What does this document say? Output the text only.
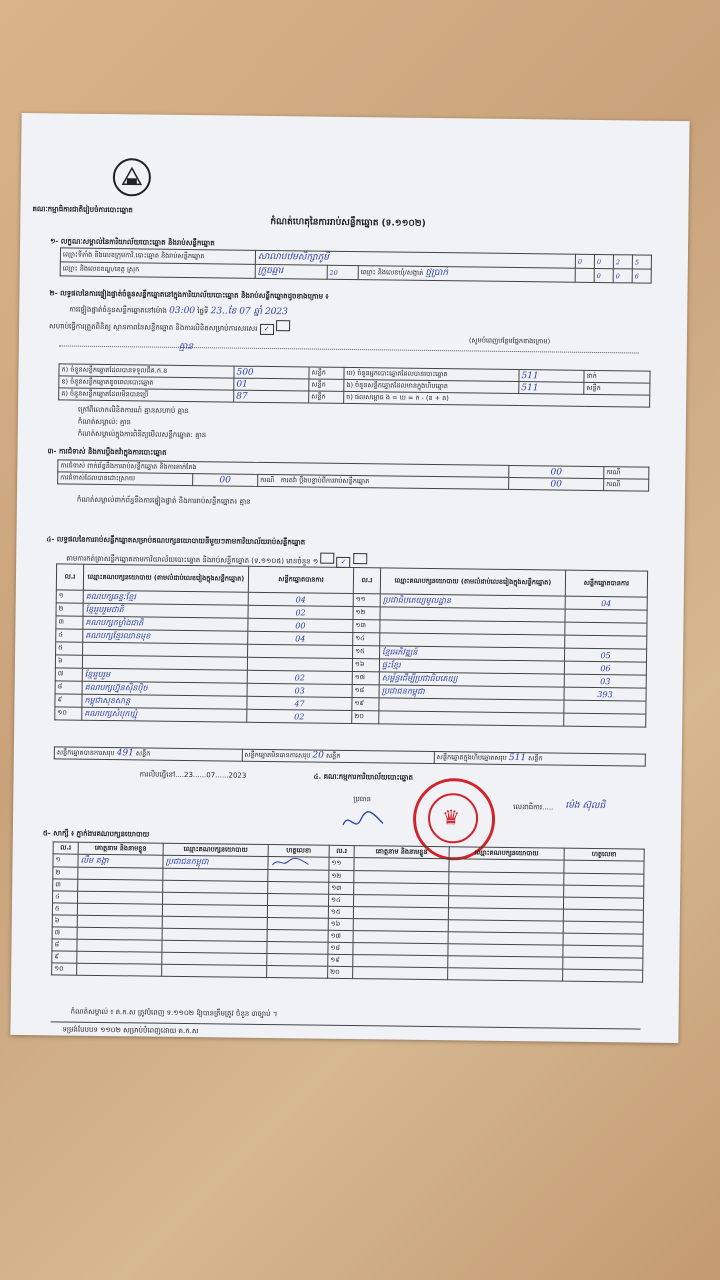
គណៈកម្មាធិការជាតិរៀបចំការបោះឆ្នោត
កំណត់ហេតុនៃការរាប់សន្លឹកឆ្នោត (ទ.១១០២)
១- លក្ខណៈសម្គាល់នៃការិយាល័យបោះឆ្នោត និងរាប់សន្លឹកឆ្នោត
ឈ្មោះទីតាំង និងលេខក្រុមការិ.បោះឆ្នោត និងរាប់សន្លឹកឆ្នោត	សាលាបឋមសិក្សាភូមិ			0	0	2	5
ឈ្មោះ និងលេខខណ្ឌ/ខេត្ត ស្រុក	ក្រួចឆ្មារ	20	ឈ្មោះ និងលេខឃុំ/សង្កាត់ ថ្មប្រាក់		0	0	6
២- លទ្ធផលនៃការផ្ទៀងផ្ទាត់ចំនួនសន្លឹកឆ្នោតនៅក្នុងការិយាល័យបោះឆ្នោត និងរាប់សន្លឹកឆ្នោតដូចខាងក្រោម ៖
ការផ្ទៀងផ្ទាត់ចំនួនសន្លឹកឆ្នោតនៅម៉ោង 03:00 ថ្ងៃទី 23..ខែ 07 ឆ្នាំ 2023
សហាប់ធ្វើការត្រួតពិនិត្យ ស្ថានភាពនៃសន្លឹកឆ្នោត និងការលិខិតសម្រាប់ការសរសេរ ✓
(សូមបំពេញបន្ថែមផ្នែកខាងក្រោម)
គ្មាន
ក) ចំនួនសន្លឹកឆ្នោតដែលបានទទួលពីគ.ក.ខ	500	សន្លឹក	ឃ) ចំនួនអ្នកបោះឆ្នោតដែលបានបោះឆ្នោត	511	នាក់
ខ) ចំនួនសន្លឹកឆ្នោតខូចពេលបោះឆ្នោត	01	សន្លឹក	ង) ចំនួនសន្លឹកឆ្នោតដែលមានក្នុងហិបឆ្នោត	511	សន្លឹក
គ) ចំនួនសន្លឹកឆ្នោតដែលមិនបានប្រើ	87	សន្លឹក	ច) ផលសម្ពោធ ង = ឃ = ក - (ខ + គ)		
ក្រៅពីលោកលិខិតការណ៍ គ្មានសហាប់ គ្មាន
កំណត់សម្គាល់: គ្មាន
កំណត់សម្គាល់ក្នុងការពិនិត្យមើលសន្លឹកឆ្នោត: គ្មាន
៣- ការជំទាស់ និងការប្ដឹងតវ៉ាក្នុងការបោះឆ្នោត
ការជំទាស់ ពាក់ព័ន្ធនឹងការរាប់សន្លឹកឆ្នោត និងការតាក់តែង			00	ករណី
ការជំទាស់ដែលបានដោះស្រាយ	00	ករណី ការតវ៉ា ប្ដឹងបន្ទាប់ពីការរាប់សន្លឹកឆ្នោត	00	ករណី
កំណត់សម្គាល់ពាក់ព័ន្ធនឹងការផ្ទៀងផ្ទាត់ និងការរាប់សន្លឹកឆ្នោត៖ គ្មាន
៤- លទ្ធផលនៃការរាប់សន្លឹកឆ្នោតសម្រាប់គណបក្សនយោបាយនីមួយៗតាមការិយាល័យរាប់សន្លឹកឆ្នោត
តាមការកត់ត្រាសន្លឹកឆ្នោតតាមការិយាល័យបោះឆ្នោត និងរាប់សន្លឹកឆ្នោត (ទ.១១០៥) មានចំនួន ១	✓
ល.រ	ឈ្មោះគណបក្សនយោបាយ (តាមលំដាប់លេខរៀងក្នុងសន្លឹកឆ្នោត)	សន្លឹកឆ្នោតបានការ	ល.រ	ឈ្មោះគណបក្សនយោបាយ (តាមលំដាប់លេខរៀងក្នុងសន្លឹកឆ្នោត)	សន្លឹកឆ្នោតបានការ
១	គណបក្សឆន្ទៈខ្មែរ	04	១១	ប្រជាធិបតេយ្យមូលដ្ឋាន	04
២	ខ្មែររួបរួមជាតិ	02	១២		
៣	គណបក្សកម្លាំងជាតិ	00	១៣		
៤	គណបក្សខ្មែរឈានមុខ	04	១៤		
៥			១៥	ខ្មែរអភិវឌ្ឍន៍	05
៦			១៦	ផ្ទះខ្មែរ	06
៧	ខ្មែររួបរួម	02	១៧	សម្ព័ន្ធដើម្បីប្រជាធិបតេយ្យ	03
៨	គណបក្សហ្វ៊ុនស៊ិនប៉ិច	03	១៨	ប្រជាជនកម្ពុជា	393
៩	កម្ពុជាសុខសាន្ត	47	១៩		
១០	គណបក្សសំបុកឃ្មុំ	02	២០		
សន្លឹកឆ្នោតបានការសរុប 491 សន្លឹក	សន្លឹកឆ្នោតមិនបានការសរុប 20 សន្លឹក	សន្លឹកឆ្នោតក្នុងហិបឆ្នោតសរុប 511 សន្លឹក
ការលិបធ្វើនៅ....23......07......2023	៤. គណៈកម្មការការិយាល័យបោះឆ្នោត
ប្រធាន
♛	លេខាធិការ..... ម៉េង ស៊ុលធិ
៥- សាក្សី ៖ ភ្នាក់ងារគណបក្សនយោបាយ
ល.រ	គោត្តនាម និងនាមខ្លួន	ឈ្មោះគណបក្សនយោបាយ	ហត្ថលេខា	ល.រ	គោត្តនាម និងនាមខ្លួន	ឈ្មោះគណបក្សនយោបាយ	ហត្ថលេខា
១	លឹម គង្គា	ប្រជាជនកម្ពុជា		១១			
២				១២			
៣				១៣			
៤				១៤			
៥				១៥			
៦				១៦			
៧				១៧			
៨				១៨			
៩				១៩			
១០				២០			
កំណត់សម្គាល់ ៖ គ.ក.ស ត្រូវបំពេញ ទ.១១០២ ឱ្យបានត្រឹមត្រូវ ចំនួន ៣ច្បាប់ ។
ទម្រង់បែបបទ ១១០២ សម្រាប់បំពេញដោយ គ.ក.ស
